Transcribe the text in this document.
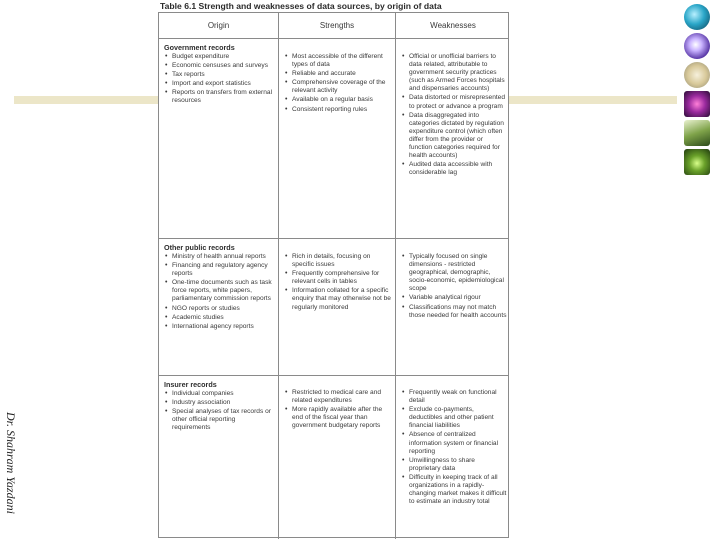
Dr. Shahram Yazdani
Table 6.1 Strength and weaknesses of data sources, by origin of data
Origin	Strengths	Weaknesses
Government records
• Budget expenditure
• Economic censuses and surveys
• Tax reports
• Import and export statistics
• Reports on transfers from external resources
• Most accessible of the different types of data
• Reliable and accurate
• Comprehensive coverage of the relevant activity
• Available on a regular basis
• Consistent reporting rules
• Official or unofficial barriers to data related, attributable to government security practices (such as Armed Forces hospitals and dispensaries accounts)
• Data distorted or misrepresented to protect or advance a program
• Data disaggregated into categories dictated by regulation expenditure control (which often differ from the provider or function categories required for health accounts)
• Audited data accessible with considerable lag
Other public records
• Ministry of health annual reports
• Financing and regulatory agency reports
• One-time documents such as task force reports, white papers, parliamentary commission reports
• NGO reports or studies
• Academic studies
• International agency reports
• Rich in details, focusing on specific issues
• Frequently comprehensive for relevant cells in tables
• Information collated for a specific enquiry that may otherwise not be regularly monitored
• Typically focused on single dimensions - restricted geographical, demographic, socio-economic, epidemiological scope
• Variable analytical rigour
• Classifications may not match those needed for health accounts
Insurer records
• Individual companies
• Industry association
• Special analyses of tax records or other official reporting requirements
• Restricted to medical care and related expenditures
• More rapidly available after the end of the fiscal year than government budgetary reports
• Frequently weak on functional detail
• Exclude co-payments, deductibles and other patient financial liabilities
• Absence of centralized information system or financial reporting
• Unwillingness to share proprietary data
• Difficulty in keeping track of all organizations in a rapidly-changing market makes it difficult to estimate an industry total
